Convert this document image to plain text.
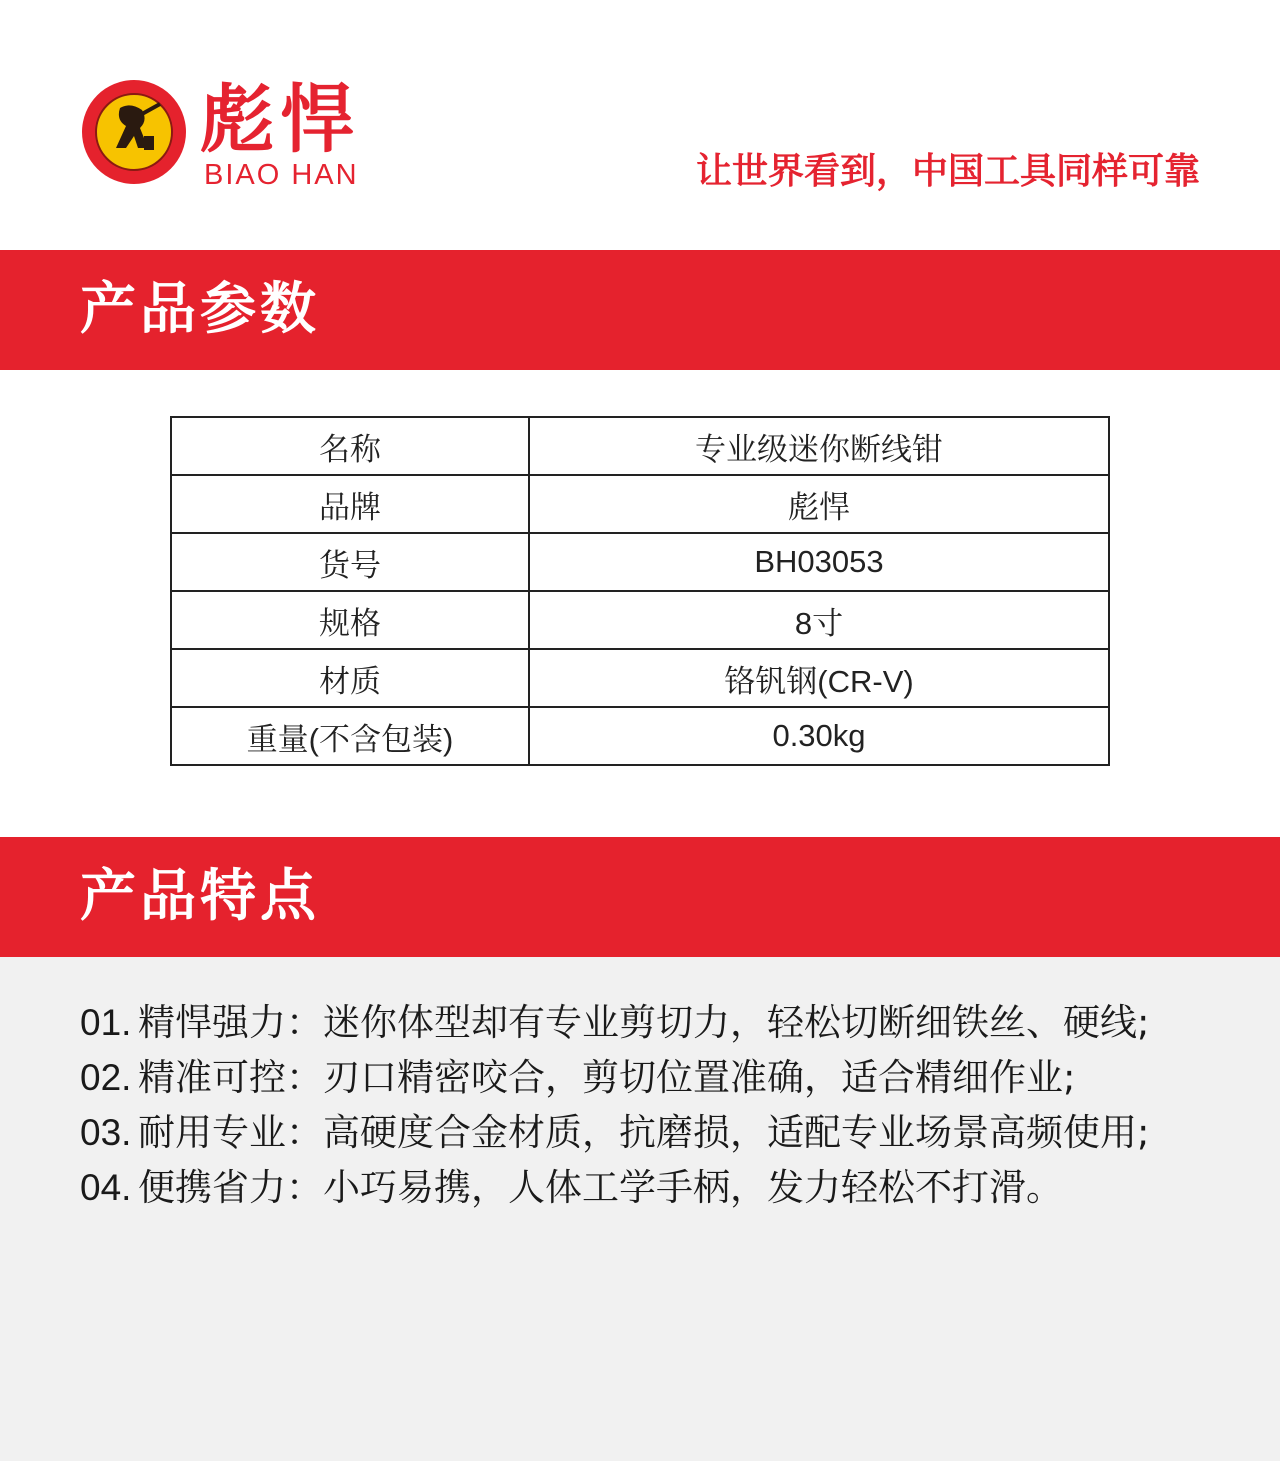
彪悍
BIAO HAN	让世界看到，中国工具同样可靠
产品参数
名称	专业级迷你断线钳
品牌	彪悍
货号	BH03053
规格	8寸
材质	铬钒钢(CR-V)
重量(不含包装)	0.30kg
产品特点
01. 精悍强力：迷你体型却有专业剪切力，轻松切断细铁丝、硬线;
02. 精准可控：刃口精密咬合，剪切位置准确，适合精细作业;
03. 耐用专业：高硬度合金材质，抗磨损，适配专业场景高频使用;
04. 便携省力：小巧易携，人体工学手柄，发力轻松不打滑。
